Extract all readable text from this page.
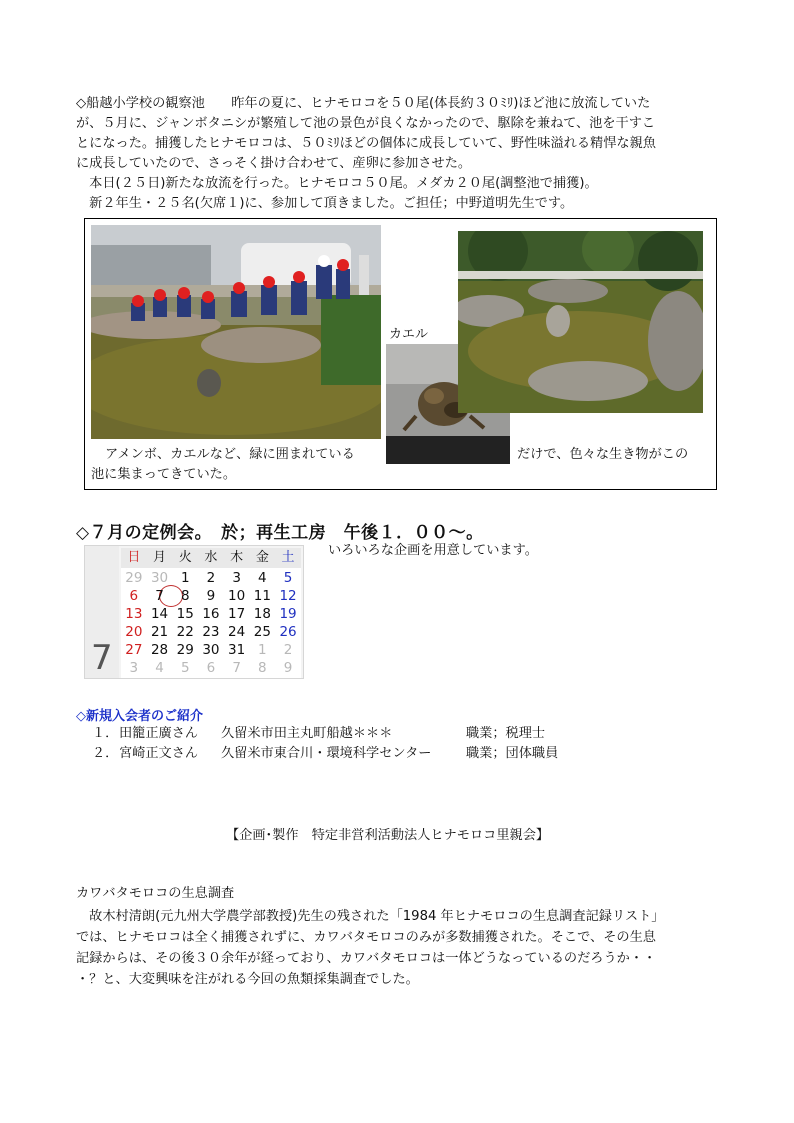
◇船越小学校の観察池　　昨年の夏に、ヒナモロコを５０尾(体長約３０ﾐﾘ)ほど池に放流していた
が、５月に、ジャンボタニシが繁殖して池の景色が良くなかったので、駆除を兼ねて、池を干すこ
とになった。捕獲したヒナモロコは、５０ﾐﾘほどの個体に成長していて、野性味溢れる精悍な親魚
に成長していたので、さっそく掛け合わせて、産卵に参加させた。
　本日(２５日)新たな放流を行った。ヒナモロコ５０尾。メダカ２０尾(調整池で捕獲)。
　新２年生・２５名(欠席１)に、参加して頂きました。ご担任；中野道明先生です。
カエル
アメンボ、カエルなど、緑に囲まれている	だけで、色々な生き物がこの
池に集まってきていた。
◇７月の定例会。　於；再生工房　午後１．００～。
いろいろな企画を用意しています。
7
日 月 火 水 木 金 土
29 30 1	2	3	4	5
6	7	8	9 10 11 12
13 14 15 16 17 18 19
20 21 22 23 24 25 26
27 28 29 30 31 1	2
3	4	5	6	7	8	9
◇新規入会者のご紹介
１． 田籠正廣さん 久留米市田主丸町船越＊＊＊	職業；税理士
２． 宮崎正文さん 久留米市東合川・環境科学センター	職業；団体職員
【企画･製作　特定非営利活動法人ヒナモロコ里親会】
カワバタモロコの生息調査
　故木村清朗(元九州大学農学部教授)先生の残された「1984 年ヒナモロコの生息調査記録リスト」
では、ヒナモロコは全く捕獲されずに、カワバタモロコのみが多数捕獲された。そこで、その生息
記録からは、その後３０余年が経っており、カワバタモロコは一体どうなっているのだろうか・・
・？と、大変興味を注がれる今回の魚類採集調査でした。
